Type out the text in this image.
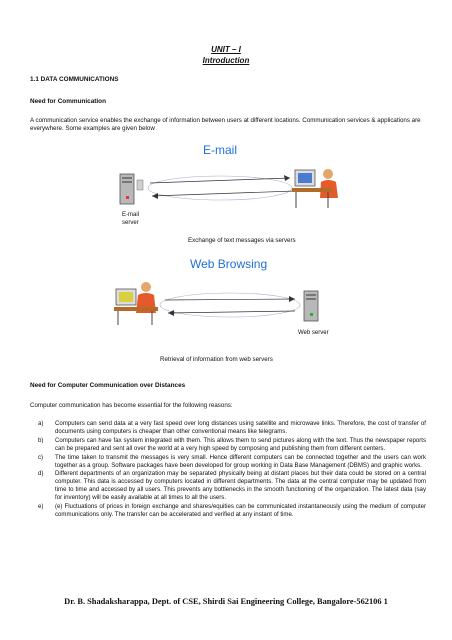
UNIT – I
Introduction
1.1 DATA COMMUNICATIONS
Need for Communication
A communication service enables the exchange of information between users at different locations. Communication services & applications are everywhere. Some examples are given below
E-mail
E-mail server
Exchange of text messages via servers
Web Browsing
Web server
Retrieval of information from web servers
Need for Computer Communication over Distances
Computer communication has become essential for the following reasons:
a) Computers can send data at a very fast speed over long distances using satellite and microwave links. Therefore, the cost of transfer of documents using computers is cheaper than other conventional means like telegrams.
b) Computers can have fax system integrated with them. This allows them to send pictures along with the text. Thus the newspaper reports can be prepared and sent all over the world at a very high speed by composing and publishing them from different centers.
c) The time taken to transmit the messages is very small. Hence different computers can be connected together and the users can work together as a group. Software packages have been developed for group working in Data Base Management (DBMS) and graphic works.
d) Different departments of an organization may be separated physically being at distant places but their data could be stored on a central computer. This data is accessed by computers located in different departments. The data at the central computer may be updated from time to time and accessed by all users. This prevents any bottlenecks in the smooth functioning of the organization. The latest data (say for inventory) will be easily available at all times to all the users.
e) (e) Fluctuations of prices in foreign exchange and shares/equities can be communicated instantaneously using the medium of computer communications only. The transfer can be accelerated and verified at any instant of time.
Dr. B. Shadaksharappa, Dept. of CSE, Shirdi Sai Engineering College, Bangalore-562106 1
